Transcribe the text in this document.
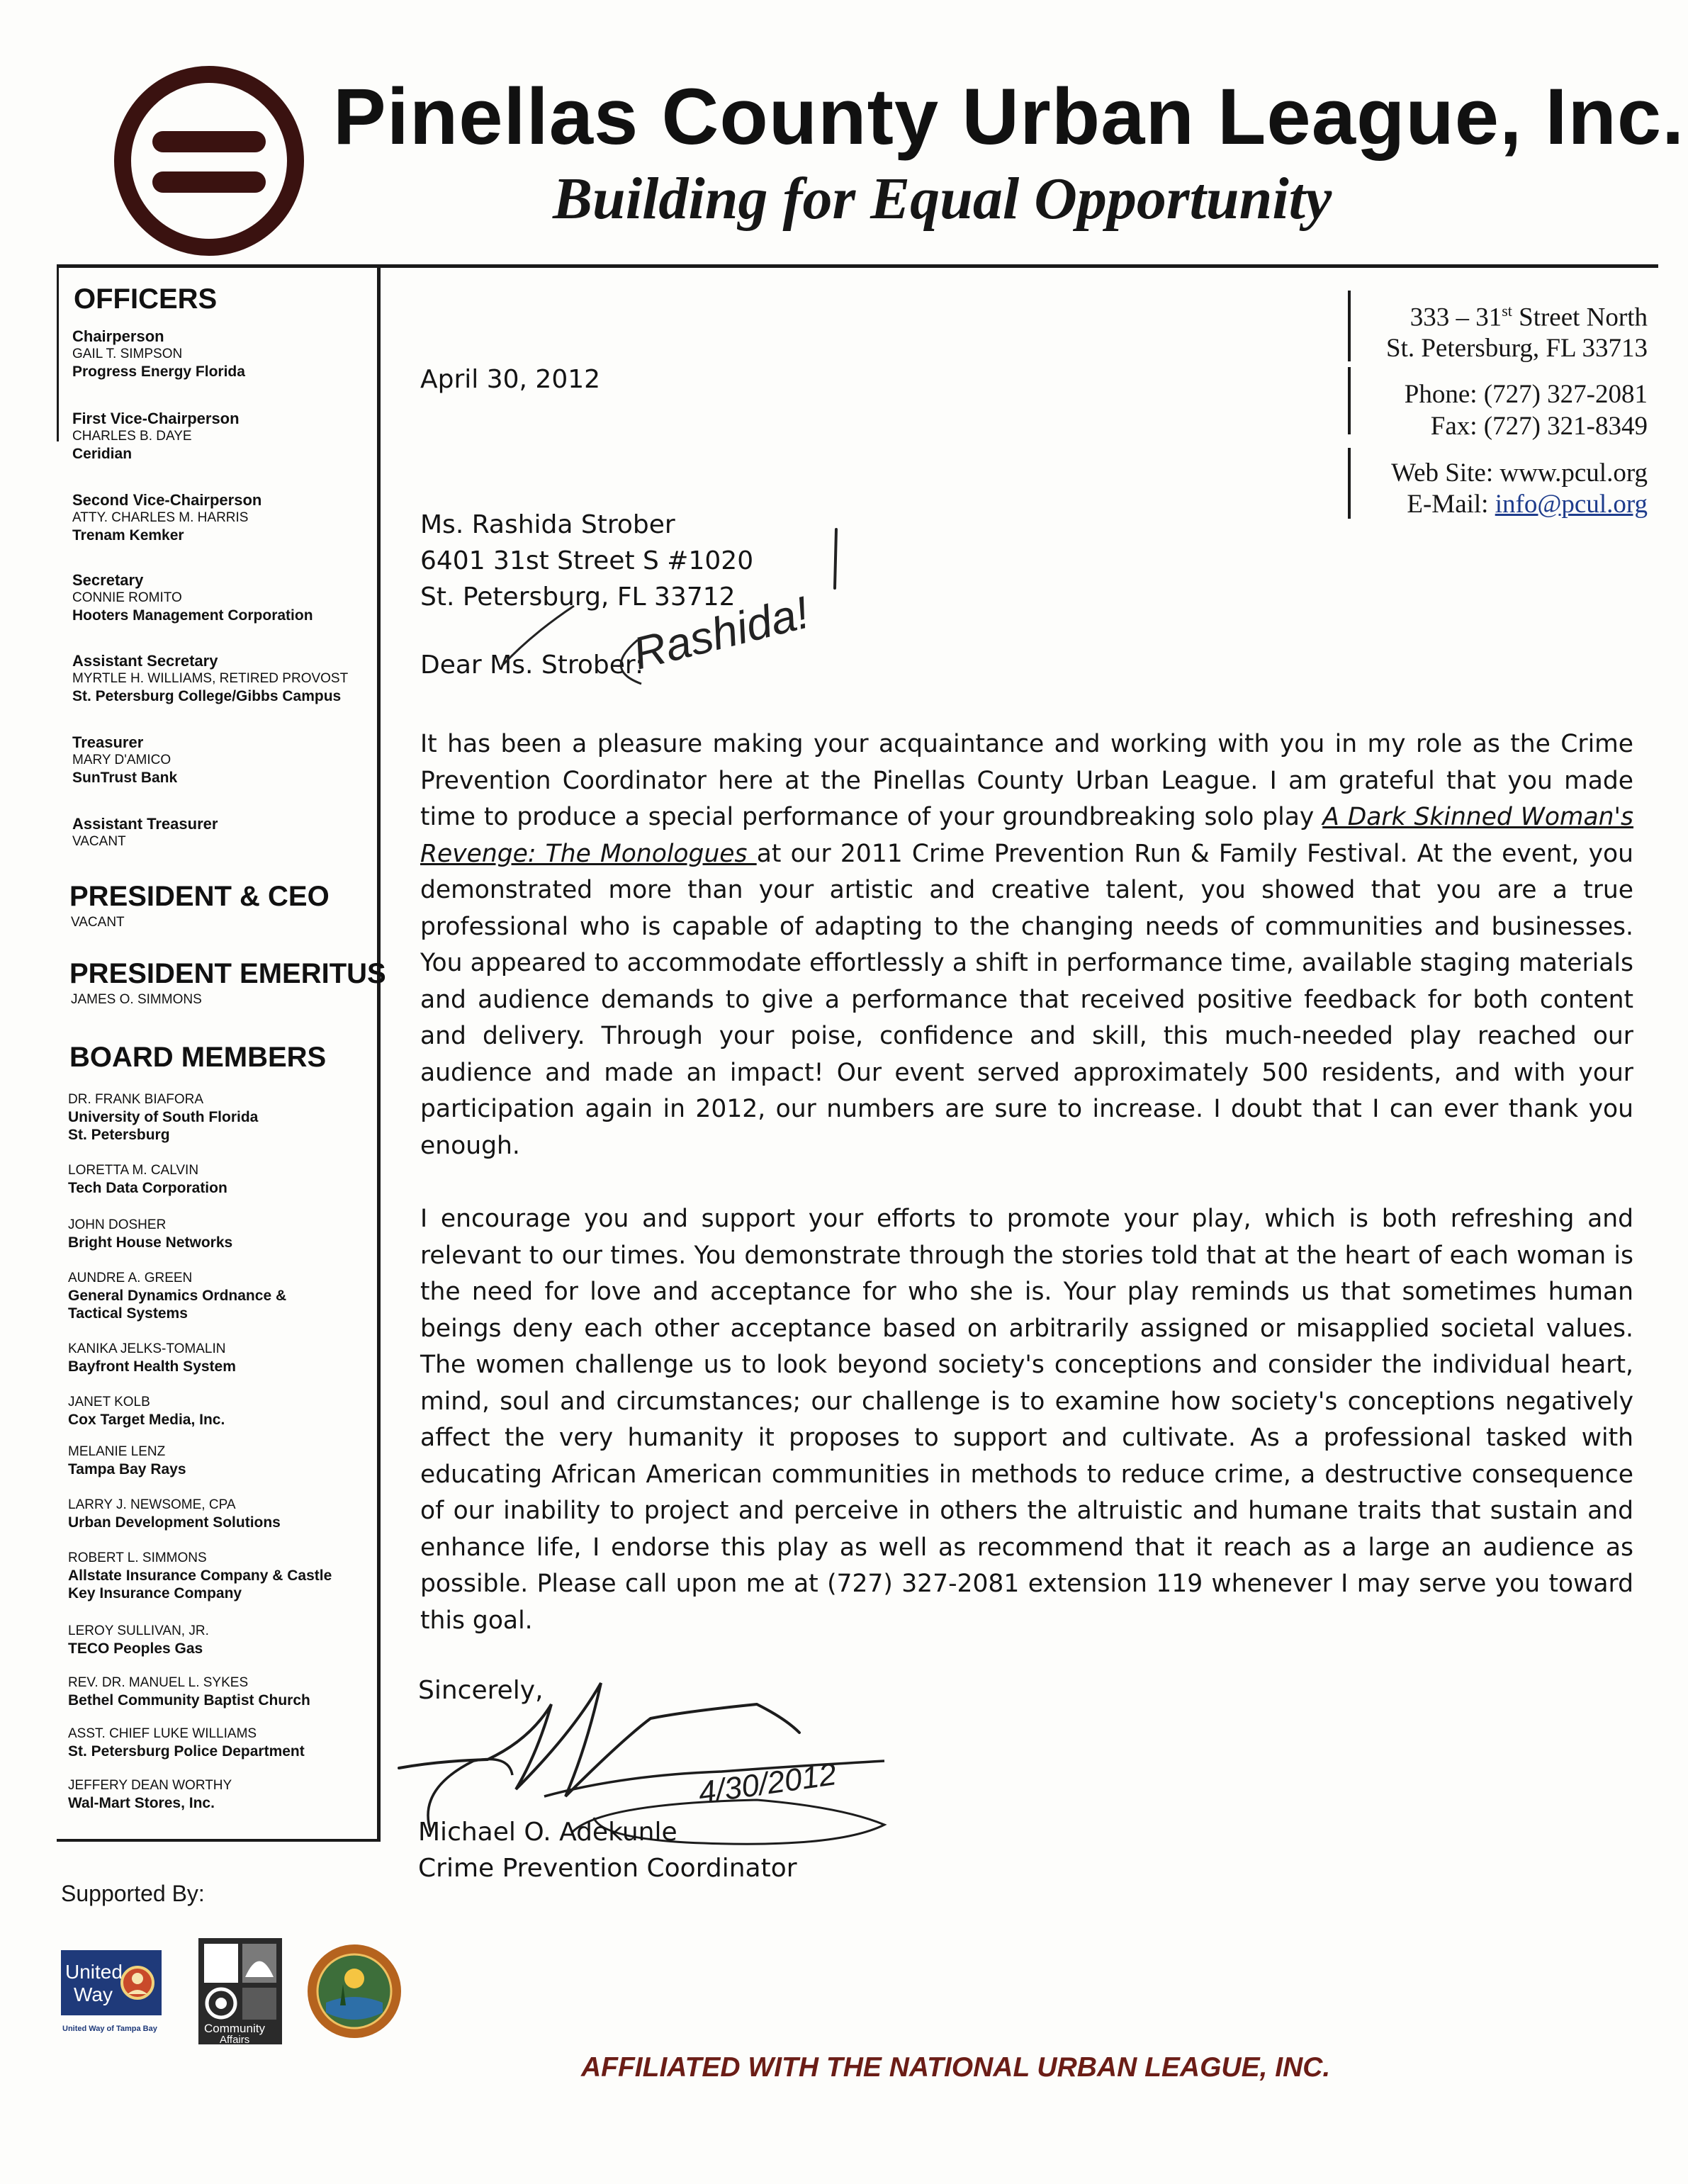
Pinellas County Urban League, Inc.
Building for Equal Opportunity
OFFICERS
Chairperson
GAIL T. SIMPSON
Progress Energy Florida
First Vice-Chairperson
CHARLES B. DAYE
Ceridian
Second Vice-Chairperson
ATTY. CHARLES M. HARRIS
Trenam Kemker
Secretary
CONNIE ROMITO
Hooters Management Corporation
Assistant Secretary
MYRTLE H. WILLIAMS, RETIRED PROVOST
St. Petersburg College/Gibbs Campus
Treasurer
MARY D'AMICO
SunTrust Bank
Assistant Treasurer
VACANT
PRESIDENT & CEO
VACANT
PRESIDENT EMERITUS
JAMES O. SIMMONS
BOARD MEMBERS
DR. FRANK BIAFORA
University of South Florida
St. Petersburg
LORETTA M. CALVIN
Tech Data Corporation
JOHN DOSHER
Bright House Networks
AUNDRE A. GREEN
General Dynamics Ordnance &
Tactical Systems
KANIKA JELKS-TOMALIN
Bayfront Health System
JANET KOLB
Cox Target Media, Inc.
MELANIE LENZ
Tampa Bay Rays
LARRY J. NEWSOME, CPA
Urban Development Solutions
ROBERT L. SIMMONS
Allstate Insurance Company & Castle
Key Insurance Company
LEROY SULLIVAN, JR.
TECO Peoples Gas
REV. DR. MANUEL L. SYKES
Bethel Community Baptist Church
ASST. CHIEF LUKE WILLIAMS
St. Petersburg Police Department
JEFFERY DEAN WORTHY
Wal-Mart Stores, Inc.
333 – 31st Street North
St. Petersburg, FL 33713
Phone: (727) 327-2081
Fax: (727) 321-8349
Web Site: www.pcul.org
E-Mail: info@pcul.org
April 30, 2012
Ms. Rashida Strober
6401 31st Street S #1020
St. Petersburg, FL 33712
Dear Ms. Strober:
Rashida!
It has been a pleasure making your acquaintance and working with you in my role as the Crime Prevention Coordinator here at the Pinellas County Urban League. I am grateful that you made time to produce a special performance of your groundbreaking solo play A Dark Skinned Woman's Revenge: The Monologues at our 2011 Crime Prevention Run & Family Festival. At the event, you demonstrated more than your artistic and creative talent, you showed that you are a true professional who is capable of adapting to the changing needs of communities and businesses. You appeared to accommodate effortlessly a shift in performance time, available staging materials and audience demands to give a performance that received positive feedback for both content and delivery. Through your poise, confidence and skill, this much-needed play reached our audience and made an impact! Our event served approximately 500 residents, and with your participation again in 2012, our numbers are sure to increase. I doubt that I can ever thank you enough.
I encourage you and support your efforts to promote your play, which is both refreshing and relevant to our times. You demonstrate through the stories told that at the heart of each woman is the need for love and acceptance for who she is. Your play reminds us that sometimes human beings deny each other acceptance based on arbitrarily assigned or misapplied societal values. The women challenge us to look beyond society's conceptions and consider the individual heart, mind, soul and circumstances; our challenge is to examine how society's conceptions negatively affect the very humanity it proposes to support and cultivate. As a professional tasked with educating African American communities in methods to reduce crime, a destructive consequence of our inability to project and perceive in others the altruistic and humane traits that sustain and enhance life, I endorse this play as well as recommend that it reach as a large an audience as possible. Please call upon me at (727) 327-2081 extension 119 whenever I may serve you toward this goal.
Sincerely,
4/30/2012
Michael O. Adekunle
Crime Prevention Coordinator
Supported By:
United
Way
United Way of Tampa Bay	Community
Affairs
AFFILIATED WITH THE NATIONAL URBAN LEAGUE, INC.
